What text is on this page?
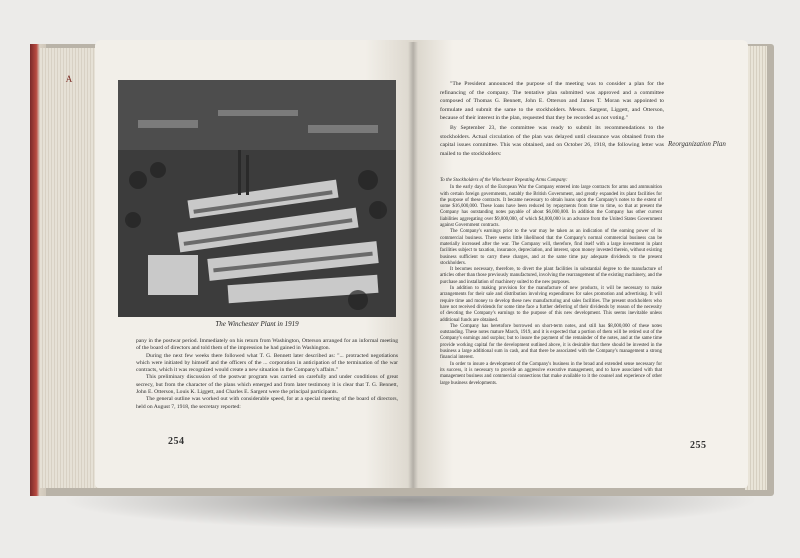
A
The Winchester Plant in 1919

pany in the postwar period. Immediately on his return from Washington, Otterson arranged for an informal meeting of the board of directors and told them of the impression he had gained in Washington.

During the next few weeks there followed what T. G. Bennett later described as: "... protracted negotiations which were initiated by himself and the officers of the ... corporation in anticipation of the termination of the war contracts, which it was recognized would create a new situation in the Company's affairs."

This preliminary discussion of the postwar program was carried on carefully and under conditions of great secrecy, but from the character of the plans which emerged and from later testimony it is clear that T. G. Bennett, John E. Otterson, Louis K. Liggett, and Charles E. Sargent were the principal participants.

The general outline was worked out with considerable speed, for at a special meeting of the board of directors, held on August 7, 1918, the secretary reported:

254

"The President announced the purpose of the meeting was to consider a plan for the refinancing of the company. The tentative plan submitted was approved and a committee composed of Thomas G. Bennett, John E. Otterson and James T. Moran was appointed to formulate and submit the same to the stockholders. Messrs. Sargent, Liggett, and Otterson, because of their interest in the plan, requested that they be recorded as not voting."

By September 23, the committee was ready to submit its recommendations to the stockholders. Actual circulation of the plan was delayed until clearance was obtained from the capital issues committee. This was obtained, and on October 26, 1918, the following letter was mailed to the stockholders:

Reorganization Plan

To the Stockholders of the Winchester Repeating Arms Company:

In the early days of the European War the Company entered into large contracts for arms and ammunition with certain foreign governments, notably the British Government, and greatly expanded its plant facilities for the purpose of these contracts. It became necessary to obtain loans upon the Company's notes to the extent of some $16,000,000. These loans have been reduced by repayments from time to time, so that at present the Company has outstanding notes payable of about $6,000,000. In addition the Company has other current liabilities aggregating over $9,000,000, of which $4,000,000 is an advance from the United States Government against Government contracts.

The Company's earnings prior to the war may be taken as an indication of the earning power of its commercial business. There seems little likelihood that the Company's normal commercial business can be materially increased after the war. The Company will, therefore, find itself with a large investment in plant facilities subject to taxation, insurance, depreciation, and interest, upon money invested therein, without existing business sufficient to carry these charges, and at the same time pay adequate dividends to the present stockholders.

It becomes necessary, therefore, to divert the plant facilities in substantial degree to the manufacture of articles other than those previously manufactured, involving the rearrangement of the existing machinery, and the purchase and installation of machinery suited to the new purposes.

In addition to making provision for the manufacture of new products, it will be necessary to make arrangements for their sale and distribution involving expenditures for sales promotion and advertising. It will require time and money to develop these new manufacturing and sales facilities. The present stockholders who have not received dividends for some time face a further deferring of their dividends by reason of the necessity of devoting the Company's earnings to the purpose of this new development. This seems inevitable unless additional funds are obtained.

The Company has heretofore borrowed on short-term notes, and still has $8,000,000 of these notes outstanding. These notes mature March, 1919, and it is expected that a portion of them will be retired out of the Company's earnings and surplus; but to insure the payment of the remainder of the notes, and at the same time provide working capital for the development outlined above, it is desirable that there should be invested in the business a large additional sum in cash, and that there be associated with the Company's management a strong financial interest.

In order to insure a development of the Company's business in the broad and extended sense necessary for its success, it is necessary to provide an aggressive executive management, and to have associated with that management business and commercial connections that make available to it the counsel and experience of other large business developments.

255
